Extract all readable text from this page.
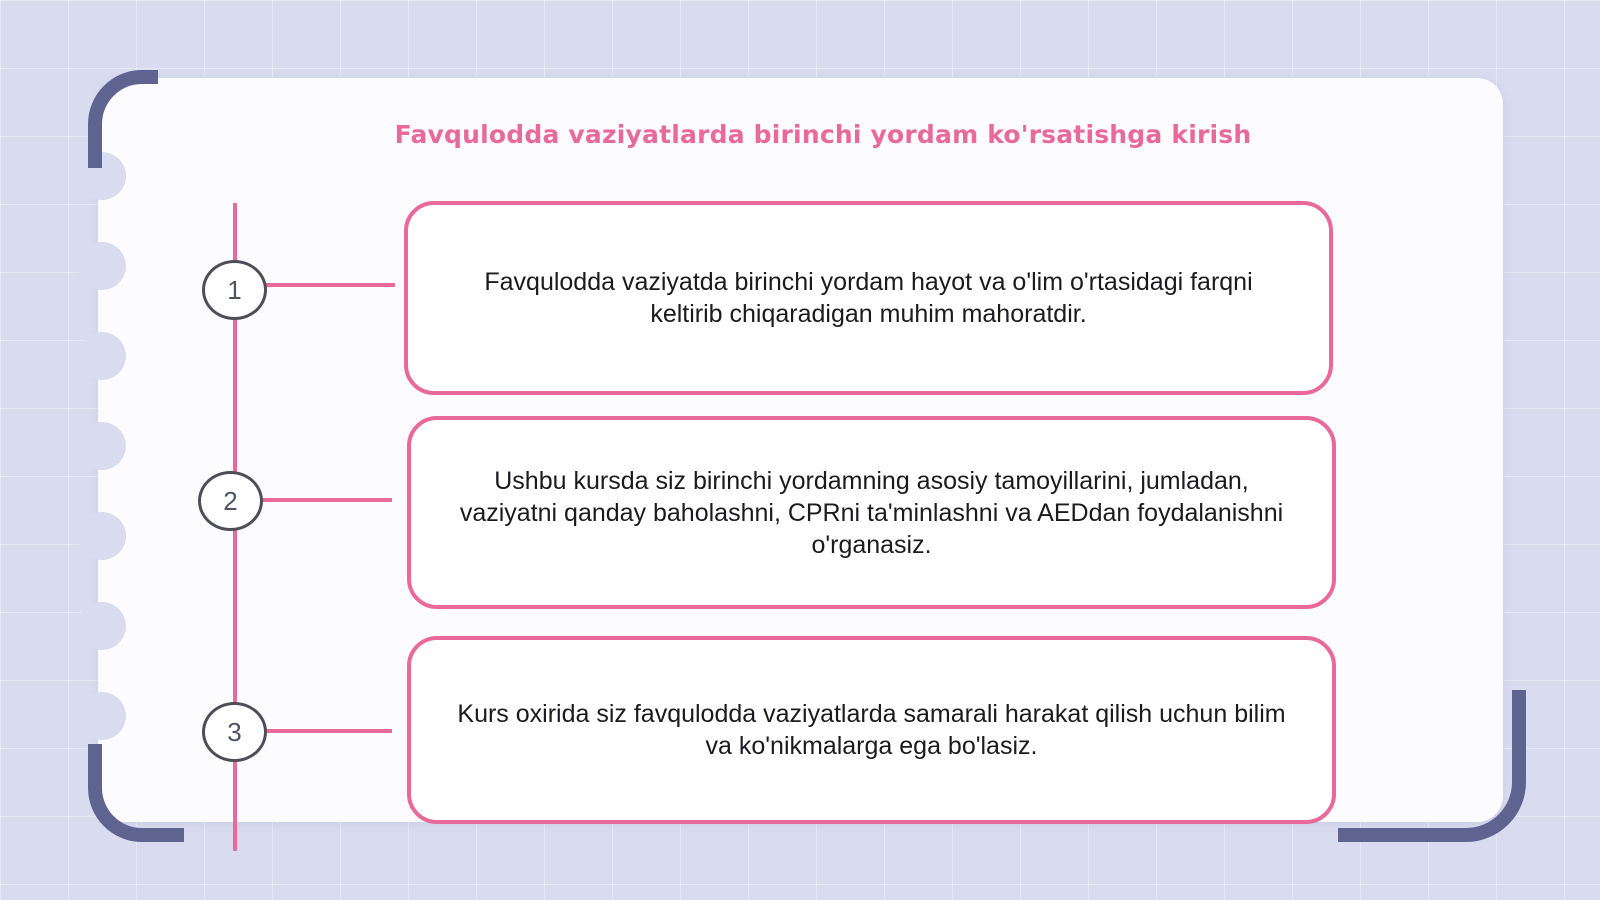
Favqulodda vaziyatlarda birinchi yordam ko'rsatishga kirish
1
2
3
Favqulodda vaziyatda birinchi yordam hayot va o'lim o'rtasidagi farqni keltirib chiqaradigan muhim mahoratdir.
Ushbu kursda siz birinchi yordamning asosiy tamoyillarini, jumladan, vaziyatni qanday baholashni, CPRni ta'minlashni va AEDdan foydalanishni o'rganasiz.
Kurs oxirida siz favqulodda vaziyatlarda samarali harakat qilish uchun bilim va ko'nikmalarga ega bo'lasiz.
